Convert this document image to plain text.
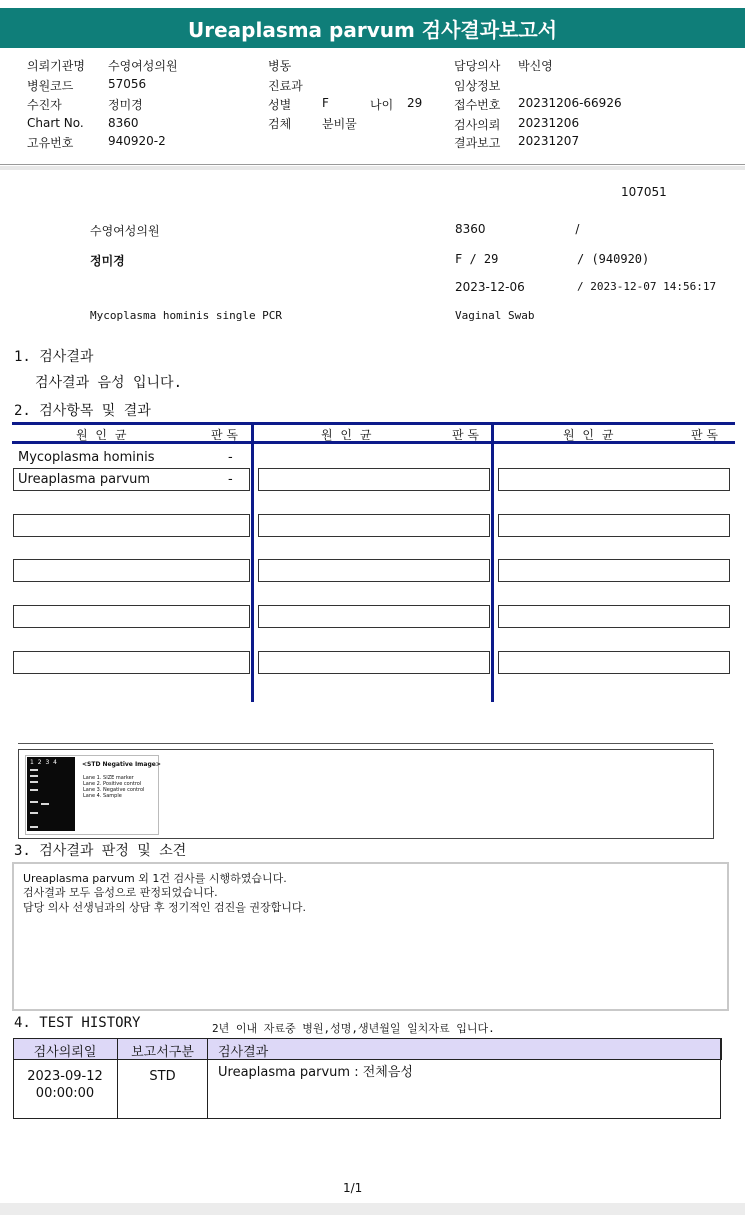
Ureaplasma parvum 검사결과보고서
의뢰기관명 수영여성의원
병원코드	57056
수진자	정미경
Chart No. 8360
고유번호	940920-2
병동
진료과
성별	F	나이 29
검체	분비물
담당의사 박신영
임상정보
접수번호 20231206-66926
검사의뢰 20231206
결과보고 20231207
107051
수영여성의원	8360 /
정미경	F / 29	/ (940920)
2023-12-06	/ 2023-12-07 14:56:17
Mycoplasma hominis single PCR	Vaginal Swab
1. 검사결과
검사결과 음성 입니다.
2. 검사항목 및 결과
원 인 균	판 독	원 인 균	판 독	원 인 균	판 독
Mycoplasma hominis	-
Ureaplasma parvum	-
1 2 3 4	<STD Negative Image>
Lane 1. SIZE marker
Lane 2. Positive control
Lane 3. Negative control
Lane 4. Sample
3. 검사결과 판정 및 소견
Ureaplasma parvum 외 1건 검사를 시행하였습니다.
검사결과 모두 음성으로 판정되었습니다.
담당 의사 선생님과의 상담 후 정기적인 검진을 권장합니다.
4. TEST HISTORY	2년 이내 자료중 병원,성명,생년월일 일치자료 입니다.
검사의뢰일	보고서구분	검사결과
2023-09-12
00:00:00
STD	Ureaplasma parvum : 전체음성
1/1
